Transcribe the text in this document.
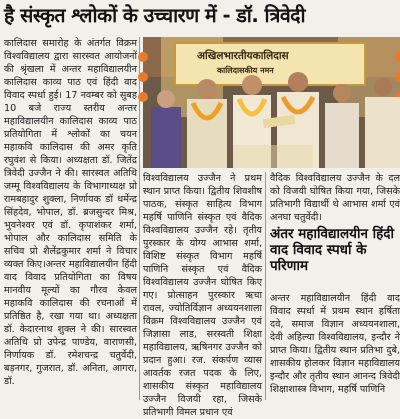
है संस्कृत श्लोकों के उच्चारण में - डॉ. त्रिवेदी

कालिदास समारोह के अंतर्गत विक्रम विश्वविद्यालय द्वारा सारस्वत आयोजनों की श्रृंखला में अन्तर महाविद्यालयीन कालिदास काव्य पाठ एवं हिंदी वाद विवाद स्पर्धा हुई। 17 नवम्बर को सुबह 10 बजे राज्य स्तरीय अन्तर महाविद्यालयीन कालिदास काव्य पाठ प्रतियोगिता में श्लोकों का चयन महाकवि कालिदास की अमर कृति रघुवंश से किया। अध्यक्षता डॉ. जितेंद्र त्रिवेदी उज्जैन ने की। सारस्वत अतिथि जम्मू विश्वविद्यालय के विभागाध्यक्ष प्रो रामबहादुर शुक्ला, निर्णायक डॉ धर्मेन्द्र सिंहदेव, भोपाल, डॉ. ब्रजसुन्दर मिश्र, भुवनेश्वर एवं डॉ. कृपाशंकर शर्मा, भोपाल और कालिदास समिति के सचिव प्रो शैलेंद्रकुमार शर्मा ने विचार व्यक्त किए।अन्तर महाविद्यालयीन हिंदी वाद विवाद प्रतियोगिता का विषय मानवीय मूल्यों का गौरव केवल महाकवि कालिदास की रचनाओं में प्रतिष्ठित है, रखा गया था। अध्यक्षता डॉ. केदारनाथ शुक्ल ने की। सारस्वत अतिथि प्रो उपेन्द्र पाण्डेय, वाराणसी, निर्णायक डॉ. रमेशचन्द्र चतुर्वेदी, बड़नगर, गुजरात, डॉ. अनिता, आगरा, डॉ.

अखिलभारतीयकालिदास
कालिदासकीय नमन

विश्वविद्यालय उज्जैन ने प्रथम स्थान प्राप्त किया। द्वितीय शिवशीष पाठक, संस्कृत साहित्य विभाग महर्षि पाणिनि संस्कृत एवं वैदिक विश्वविद्यालय उज्जैन रहे। तृतीय पुरस्कार के योग्य आभास शर्मा, विशिष्ट संस्कृत विभाग महर्षि पाणिनि संस्कृत एवं वैदिक विश्वविद्यालय उज्जैन घोषित किए गए। प्रोत्साहन पुरस्कार ऋचा रावल, ज्योतिर्विज्ञान अध्ययनशाला विक्रम विश्वविद्यालय उज्जैन एवं जिज्ञासा लाड, सरस्वती शिक्षा महाविद्यालय, ऋषिनगर उज्जैन को प्रदान हुआ। रज. संकर्पण व्यास आवर्तक रजत पदक के लिए, शासकीय संस्कृत महाविद्यालय उज्जैन विजयी रहा, जिसके प्रतिभागी विमल प्रधान एवं

वैदिक विश्वविद्यालय उज्जैन के दल को विजयी घोषित किया गया, जिसके प्रतिभागी विद्यार्थी थे आभास शर्मा एवं अनघा चतुर्वेदी।

अंतर महाविद्यालयीन हिंदी वाद विवाद स्पर्धा के परिणाम

अन्तर महाविद्यालयीन हिंदी वाद विवाद स्पर्धा में प्रथम स्थान हर्षिता दवे, समाज विज्ञान अध्ययनशाला, देवी अहिल्या विश्वविद्यालय, इन्दौर ने प्राप्त किया। द्वितीय स्थान प्रतिभा दुबे, शासकीय होलकर विज्ञान महाविद्यालय इन्दौर और तृतीय स्थान आनन्द त्रिवेदी शिक्षाशास्त्र विभाग, महर्षि पाणिनि
